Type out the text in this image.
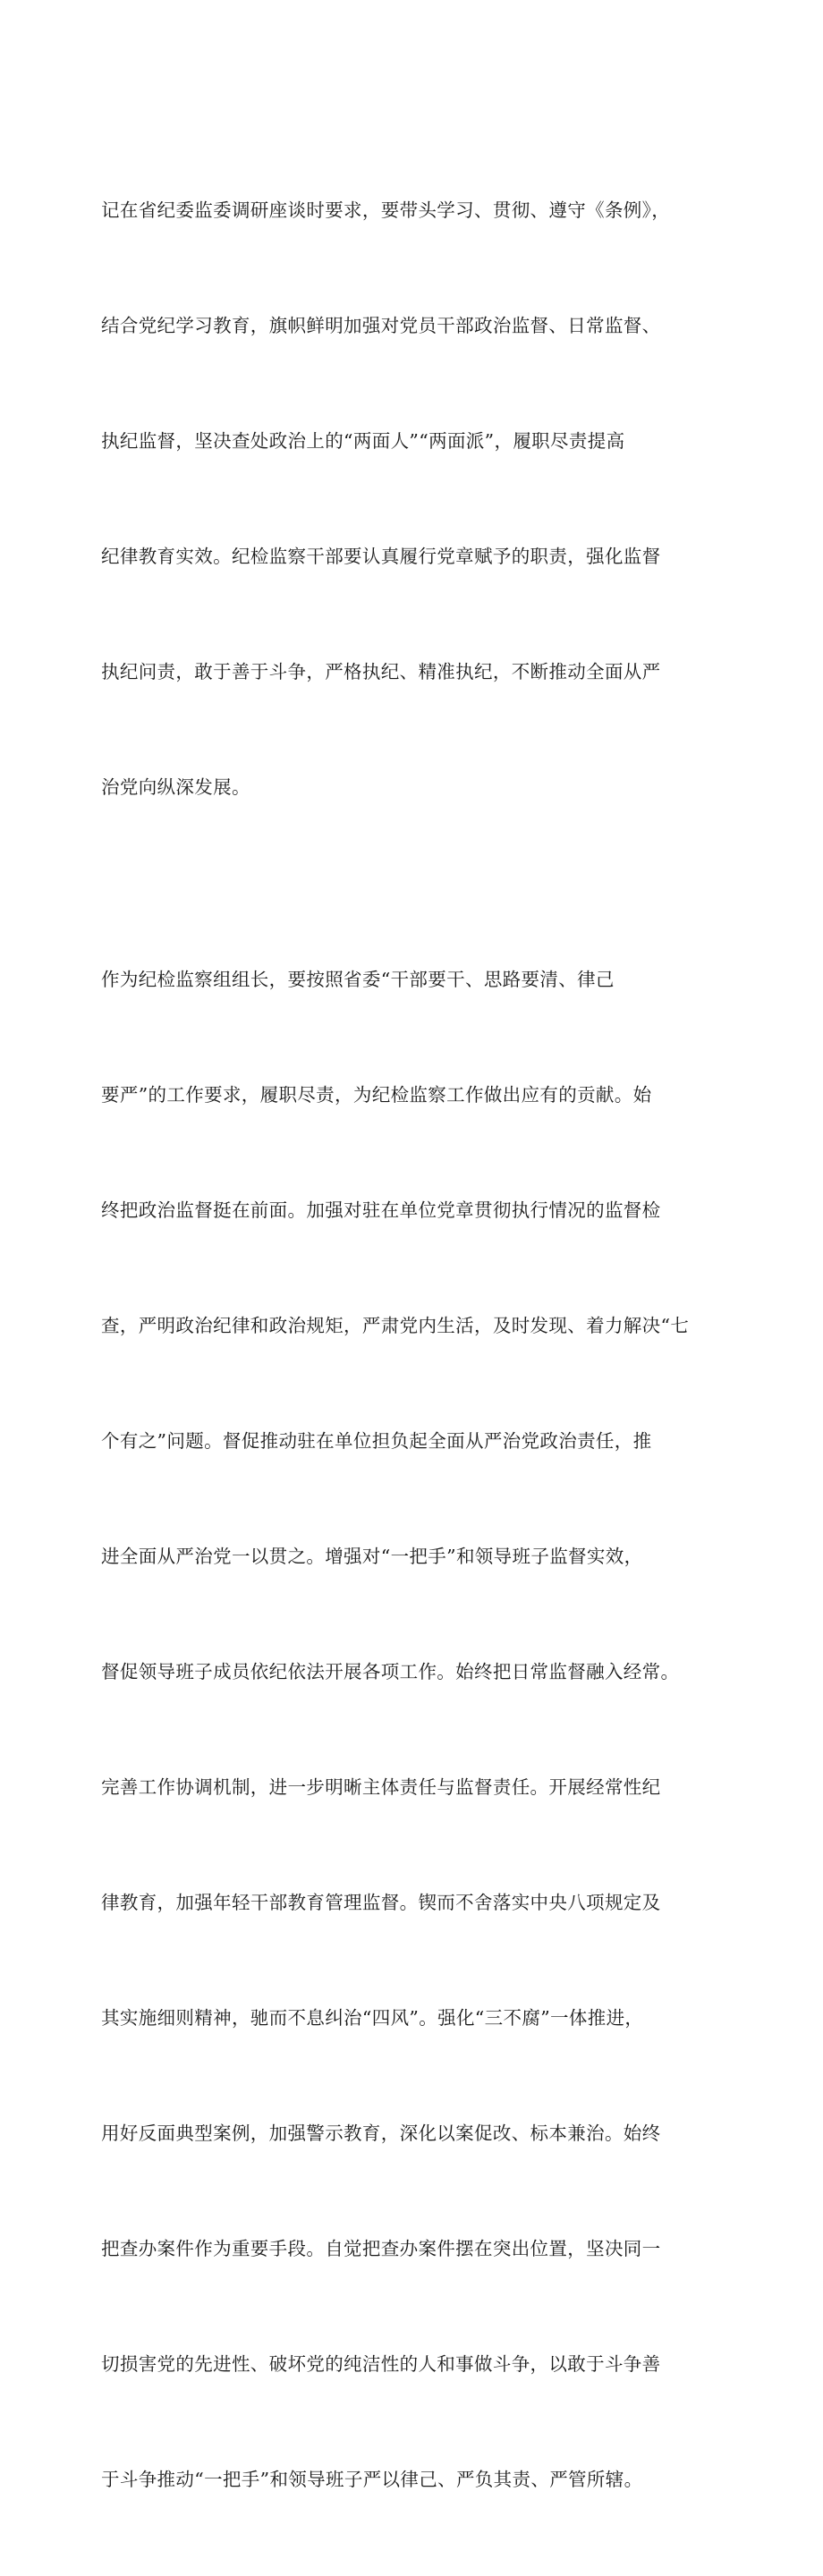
记在省纪委监委调研座谈时要求，要带头学习、贯彻、遵守《条例》，

结合党纪学习教育，旗帜鲜明加强对党员干部政治监督、日常监督、

执纪监督，坚决查处政治上的“两面人”“两面派”，履职尽责提高

纪律教育实效。纪检监察干部要认真履行党章赋予的职责，强化监督

执纪问责，敢于善于斗争，严格执纪、精准执纪，不断推动全面从严

治党向纵深发展。

作为纪检监察组组长，要按照省委“干部要干、思路要清、律己

要严”的工作要求，履职尽责，为纪检监察工作做出应有的贡献。始

终把政治监督挺在前面。加强对驻在单位党章贯彻执行情况的监督检

查，严明政治纪律和政治规矩，严肃党内生活，及时发现、着力解决“七

个有之”问题。督促推动驻在单位担负起全面从严治党政治责任，推

进全面从严治党一以贯之。增强对“一把手”和领导班子监督实效，

督促领导班子成员依纪依法开展各项工作。始终把日常监督融入经常。

完善工作协调机制，进一步明晰主体责任与监督责任。开展经常性纪

律教育，加强年轻干部教育管理监督。锲而不舍落实中央八项规定及

其实施细则精神，驰而不息纠治“四风”。强化“三不腐”一体推进，

用好反面典型案例，加强警示教育，深化以案促改、标本兼治。始终

把查办案件作为重要手段。自觉把查办案件摆在突出位置，坚决同一

切损害党的先进性、破坏党的纯洁性的人和事做斗争，以敢于斗争善

于斗争推动“一把手”和领导班子严以律己、严负其责、严管所辖。
